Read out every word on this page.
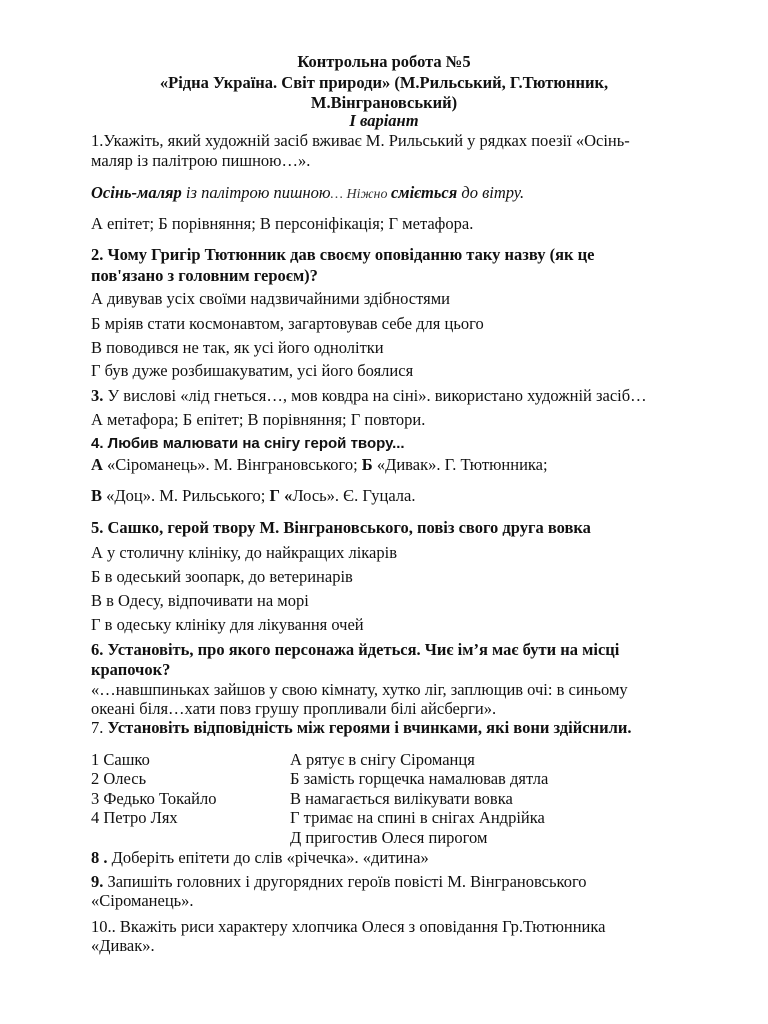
Контрольна робота №5
«Рідна Україна. Світ природи» (М.Рильський, Г.Тютюнник,
М.Вінграновський)
І варіант
1.Укажіть, який художній засіб вживає М. Рильський у рядках поезії «Осінь-
маляр із палітрою пишною…».
Осінь-маляр із палітрою пишною… Ніжно сміється до вітру.
А епітет; Б порівняння; В персоніфікація; Г метафора.
2. Чому Григір Тютюнник дав своєму оповіданню таку назву (як це
пов'язано з головним героєм)?
А дивував усіх своїми надзвичайними здібностями
Б мріяв стати космонавтом, загартовував себе для цього
В поводився не так, як усі його однолітки
Г був дуже розбишакуватим, усі його боялися
3. У вислові «лід гнеться…, мов ковдра на сіні». використано художній засіб…
А метафора; Б епітет; В порівняння; Г повтори.
4. Любив малювати на снігу герой твору...
А «Сіроманець». М. Вінграновського; Б «Дивак». Г. Тютюнника;
В «Доц». М. Рильського; Г «Лось». Є. Гуцала.
5. Сашко, герой твору М. Вінграновського, повіз свого друга вовка
А у столичну клініку, до найкращих лікарів
Б в одеський зоопарк, до ветеринарів
В в Одесу, відпочивати на морі
Г в одеську клініку для лікування очей
6. Установіть, про якого персонажа йдеться. Чиє ім’я має бути на місці
крапочок?
«…навшпиньках зайшов у свою кімнату, хутко ліг, заплющив очі: в синьому
океані біля…хати повз грушу пропливали білі айсберги».
7. Установіть відповідність між героями і вчинками, які вони здійснили.
1 Сашко	А рятує в снігу Сіроманця
2 Олесь	Б замість горщечка намалював дятла
3 Федько Токайло	В намагається вилікувати вовка
4 Петро Лях	Г тримає на спині в снігах Андрійка
Д пригостив Олеся пирогом
8 . Доберіть епітети до слів «річечка». «дитина»
9. Запишіть головних і другорядних героїв повісті М. Вінграновського
«Сіроманець».
10.. Вкажіть риси характеру хлопчика Олеся з оповідання Гр.Тютюнника
«Дивак».
